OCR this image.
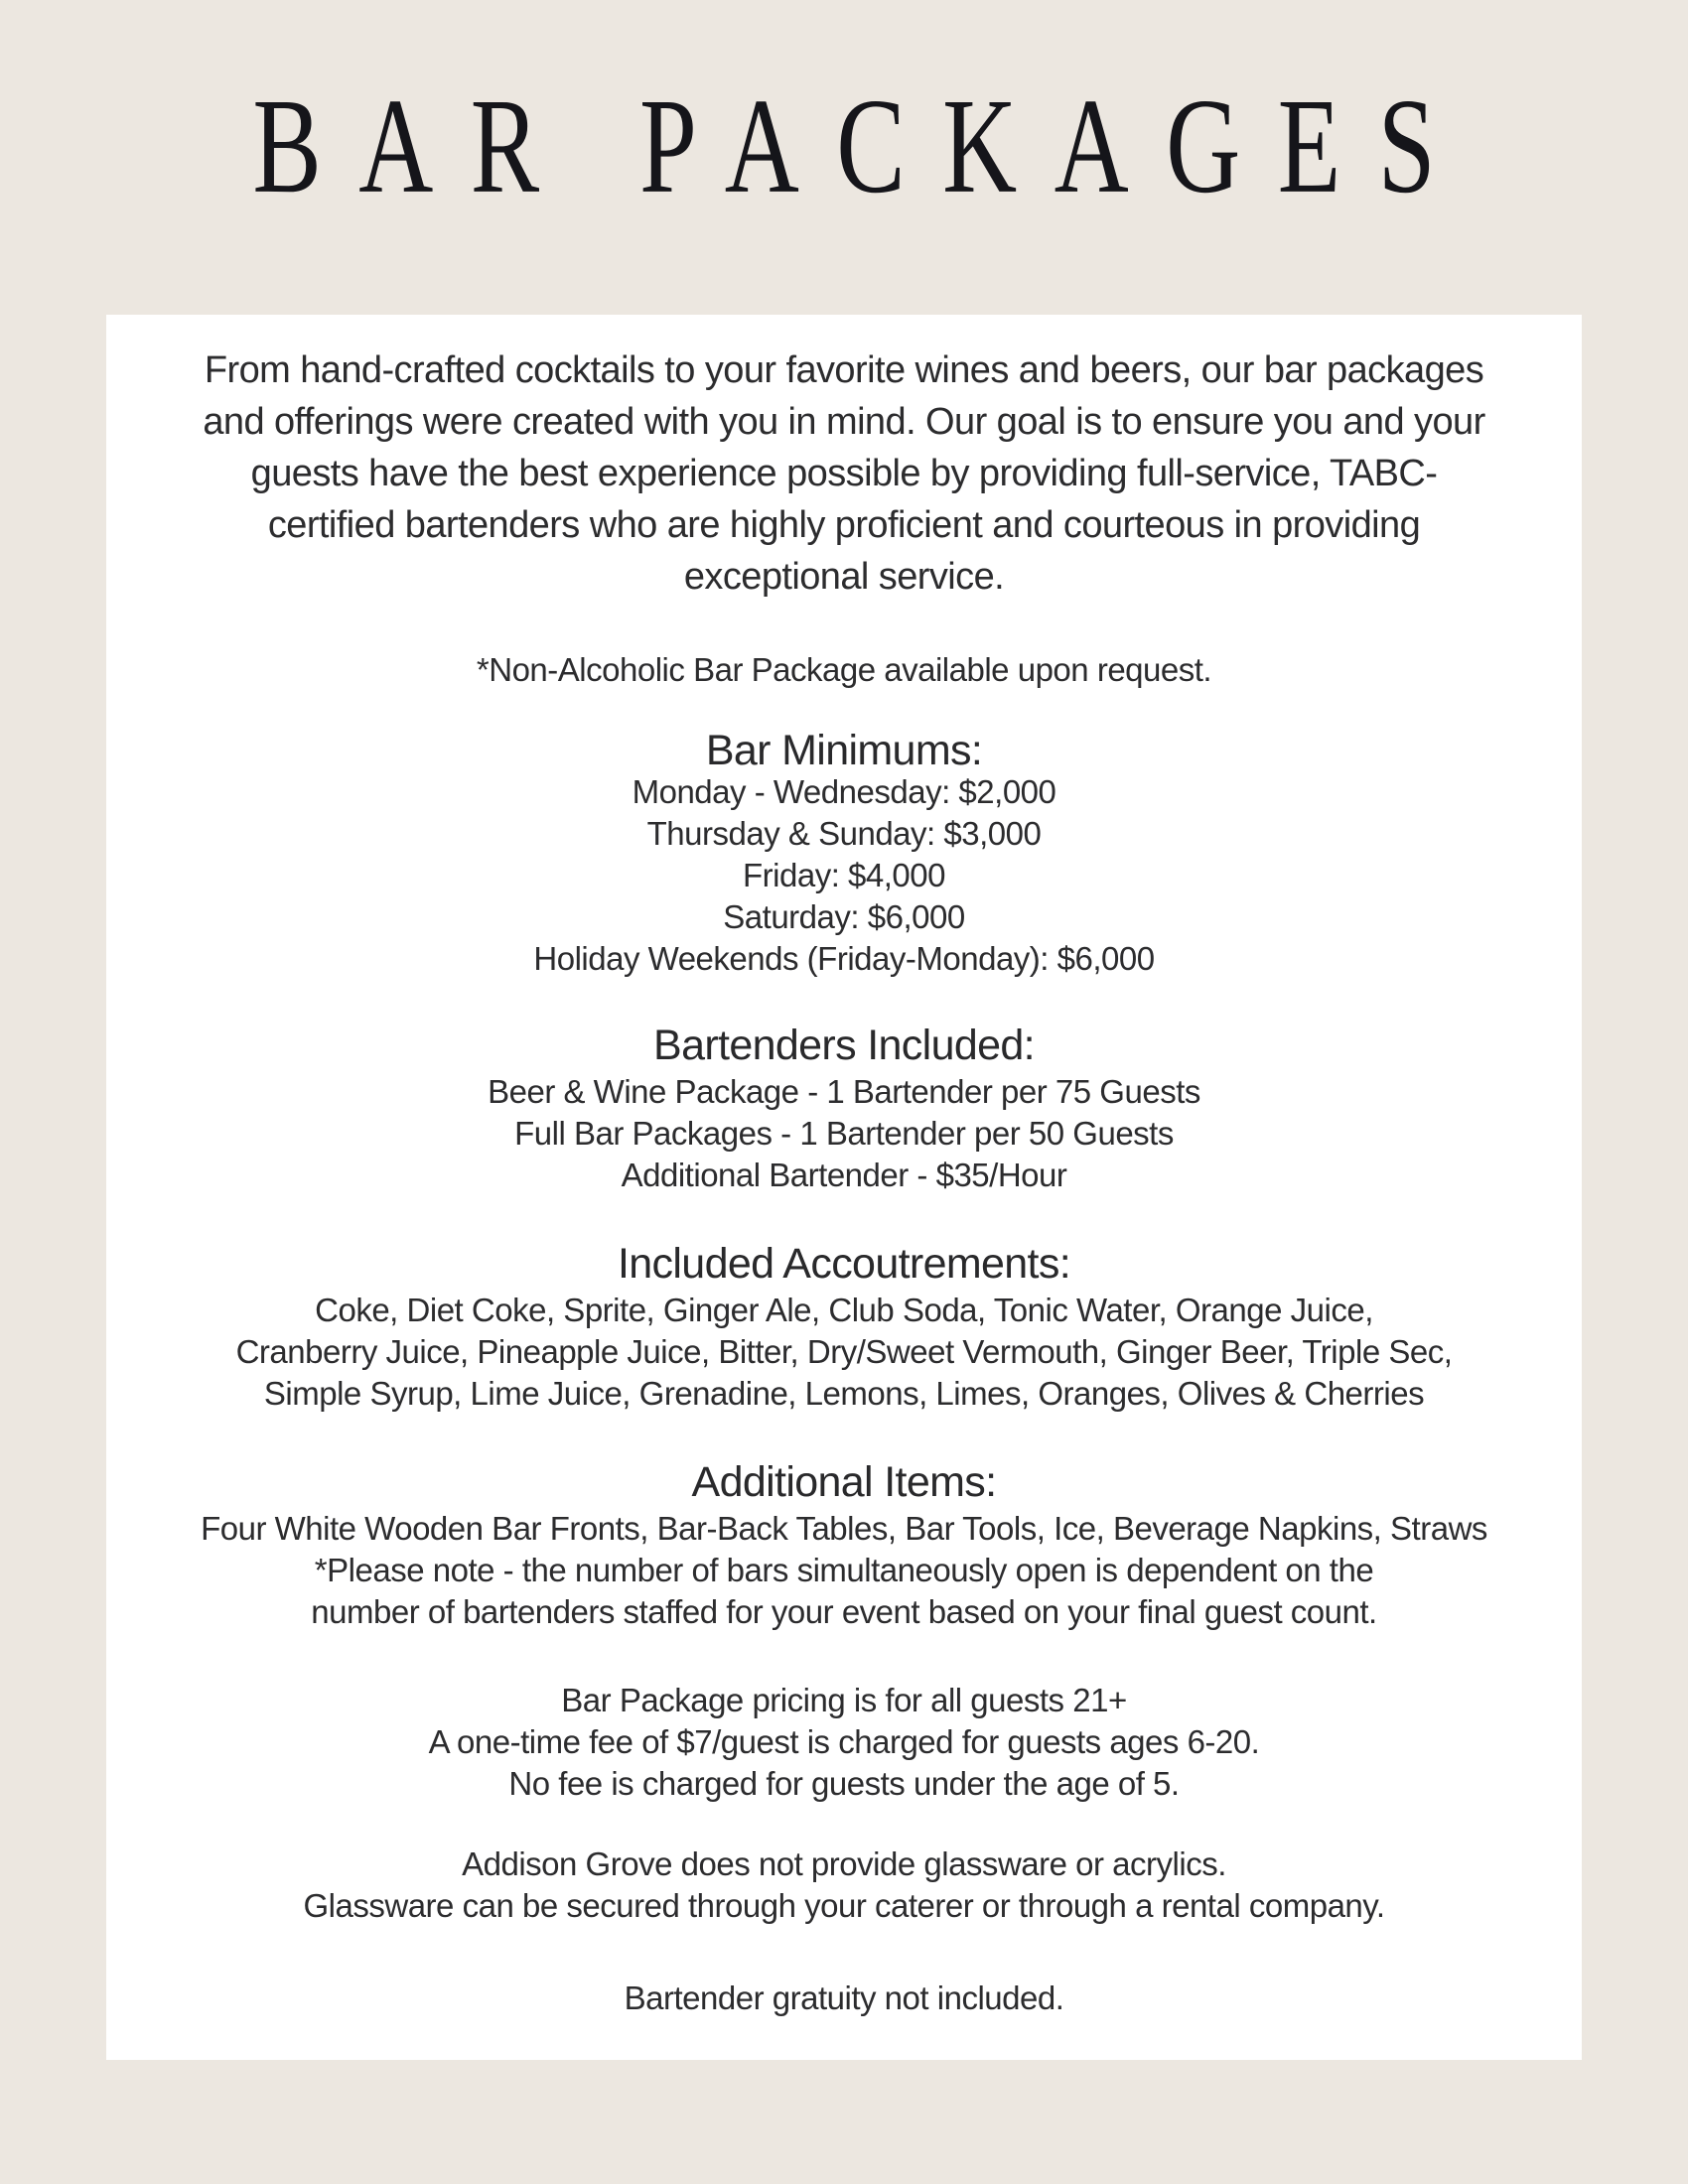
BAR PACKAGES
From hand-crafted cocktails to your favorite wines and beers, our bar packages
and offerings were created with you in mind. Our goal is to ensure you and your
guests have the best experience possible by providing full-service, TABC-
certified bartenders who are highly proficient and courteous in providing
exceptional service.
*Non-Alcoholic Bar Package available upon request.
Bar Minimums:
Monday - Wednesday: $2,000
Thursday & Sunday: $3,000
Friday: $4,000
Saturday: $6,000
Holiday Weekends (Friday-Monday): $6,000
Bartenders Included:
Beer & Wine Package - 1 Bartender per 75 Guests
Full Bar Packages - 1 Bartender per 50 Guests
Additional Bartender - $35/Hour
Included Accoutrements:
Coke, Diet Coke, Sprite, Ginger Ale, Club Soda, Tonic Water, Orange Juice,
Cranberry Juice, Pineapple Juice, Bitter, Dry/Sweet Vermouth, Ginger Beer, Triple Sec,
Simple Syrup, Lime Juice, Grenadine, Lemons, Limes, Oranges, Olives & Cherries
Additional Items:
Four White Wooden Bar Fronts, Bar-Back Tables, Bar Tools, Ice, Beverage Napkins, Straws
*Please note - the number of bars simultaneously open is dependent on the
number of bartenders staffed for your event based on your final guest count.
Bar Package pricing is for all guests 21+
A one-time fee of $7/guest is charged for guests ages 6-20.
No fee is charged for guests under the age of 5.
Addison Grove does not provide glassware or acrylics.
Glassware can be secured through your caterer or through a rental company.
Bartender gratuity not included.
